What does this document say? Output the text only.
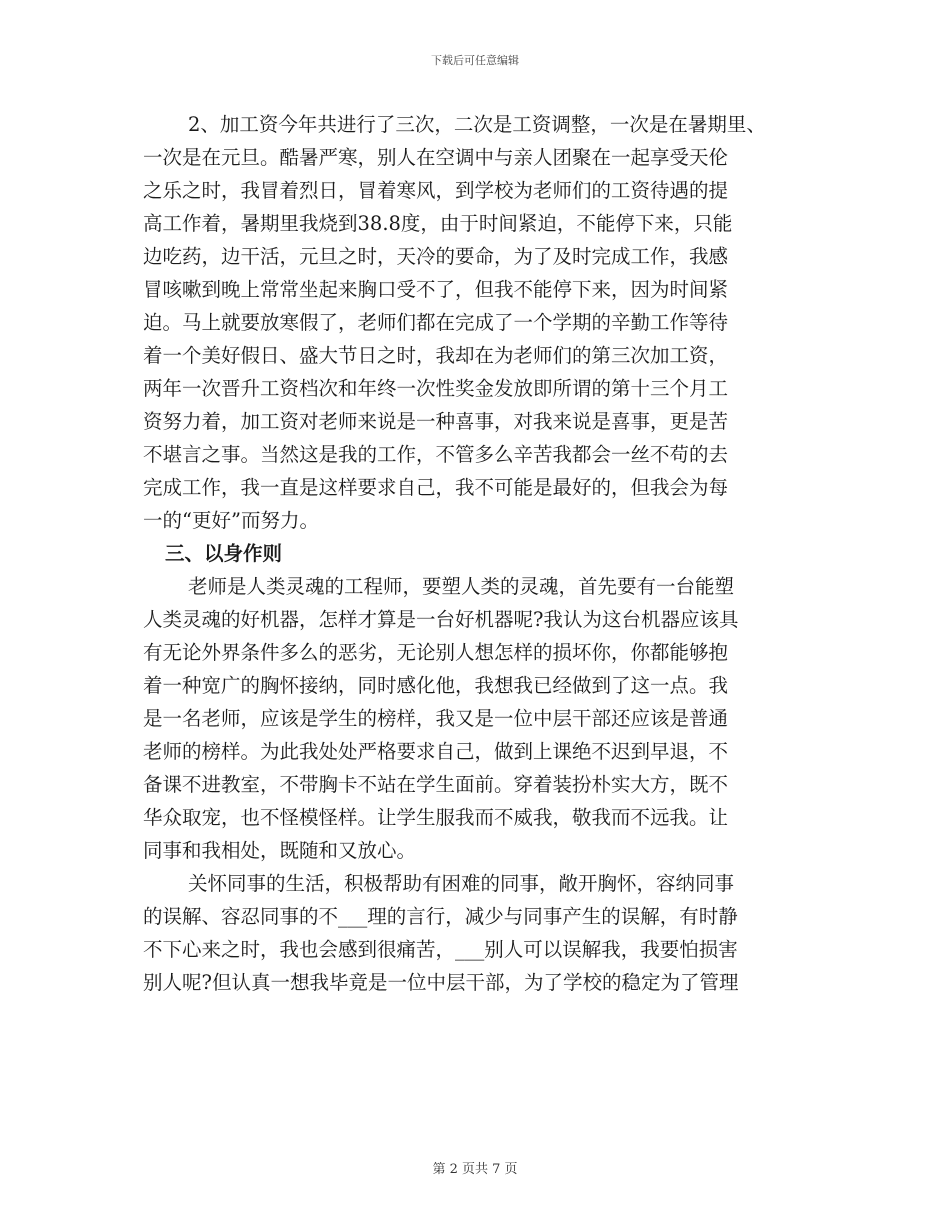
下载后可任意编辑
2、加工资今年共进行了三次，二次是工资调整，一次是在暑期里、
一次是在元旦。酷暑严寒，别人在空调中与亲人团聚在一起享受天伦
之乐之时，我冒着烈日，冒着寒风，到学校为老师们的工资待遇的提
高工作着，暑期里我烧到38.8度，由于时间紧迫，不能停下来，只能
边吃药，边干活，元旦之时，天冷的要命，为了及时完成工作，我感
冒咳嗽到晚上常常坐起来胸口受不了，但我不能停下来，因为时间紧
迫。马上就要放寒假了，老师们都在完成了一个学期的辛勤工作等待
着一个美好假日、盛大节日之时，我却在为老师们的第三次加工资，
两年一次晋升工资档次和年终一次性奖金发放即所谓的第十三个月工
资努力着，加工资对老师来说是一种喜事，对我来说是喜事，更是苦
不堪言之事。当然这是我的工作，不管多么辛苦我都会一丝不苟的去
完成工作，我一直是这样要求自己，我不可能是最好的，但我会为每
一的“更好”而努力。
三、以身作则
老师是人类灵魂的工程师，要塑人类的灵魂，首先要有一台能塑
人类灵魂的好机器，怎样才算是一台好机器呢?我认为这台机器应该具
有无论外界条件多么的恶劣，无论别人想怎样的损坏你，你都能够抱
着一种宽广的胸怀接纳，同时感化他，我想我已经做到了这一点。我
是一名老师，应该是学生的榜样，我又是一位中层干部还应该是普通
老师的榜样。为此我处处严格要求自己，做到上课绝不迟到早退，不
备课不进教室，不带胸卡不站在学生面前。穿着装扮朴实大方，既不
华众取宠，也不怪模怪样。让学生服我而不威我，敬我而不远我。让
同事和我相处，既随和又放心。
关怀同事的生活，积极帮助有困难的同事，敞开胸怀，容纳同事
的误解、容忍同事的不___理的言行，减少与同事产生的误解，有时静
不下心来之时，我也会感到很痛苦，___别人可以误解我，我要怕损害
别人呢?但认真一想我毕竟是一位中层干部，为了学校的稳定为了管理
第 2 页共 7 页
